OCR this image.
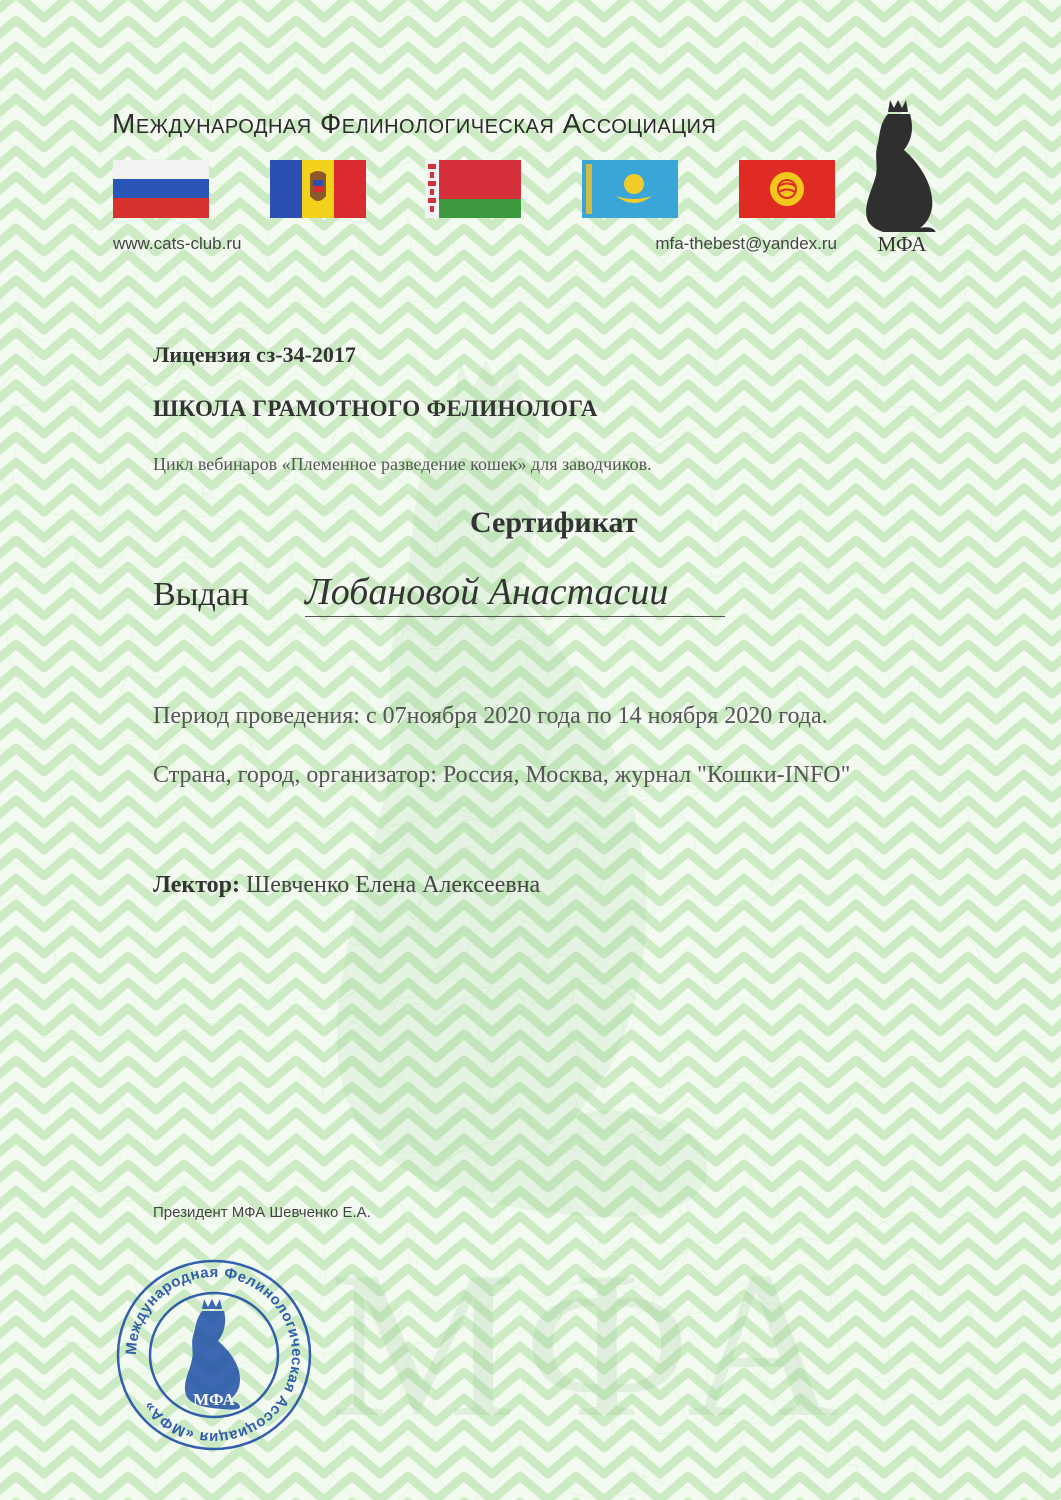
МФА
Международная Фелинологическая Ассоциация
www.cats-club.ru	mfa-thebest@yandex.ru	МФА
Лицензия сз-34-2017
ШКОЛА ГРАМОТНОГО ФЕЛИНОЛОГА
Цикл вебинаров «Племенное разведение кошек» для заводчиков.
Сертификат
Выдан Лобановой Анастасии
Период проведения: с 07ноября 2020 года по 14 ноября 2020 года.
Страна, город, организатор: Россия, Москва, журнал "Кошки-INFO"
Лектор: Шевченко Елена Алексеевна
Президент МФА Шевченко Е.А.
Международная Фелинологическая Ассоциация «МФА»	МФА
